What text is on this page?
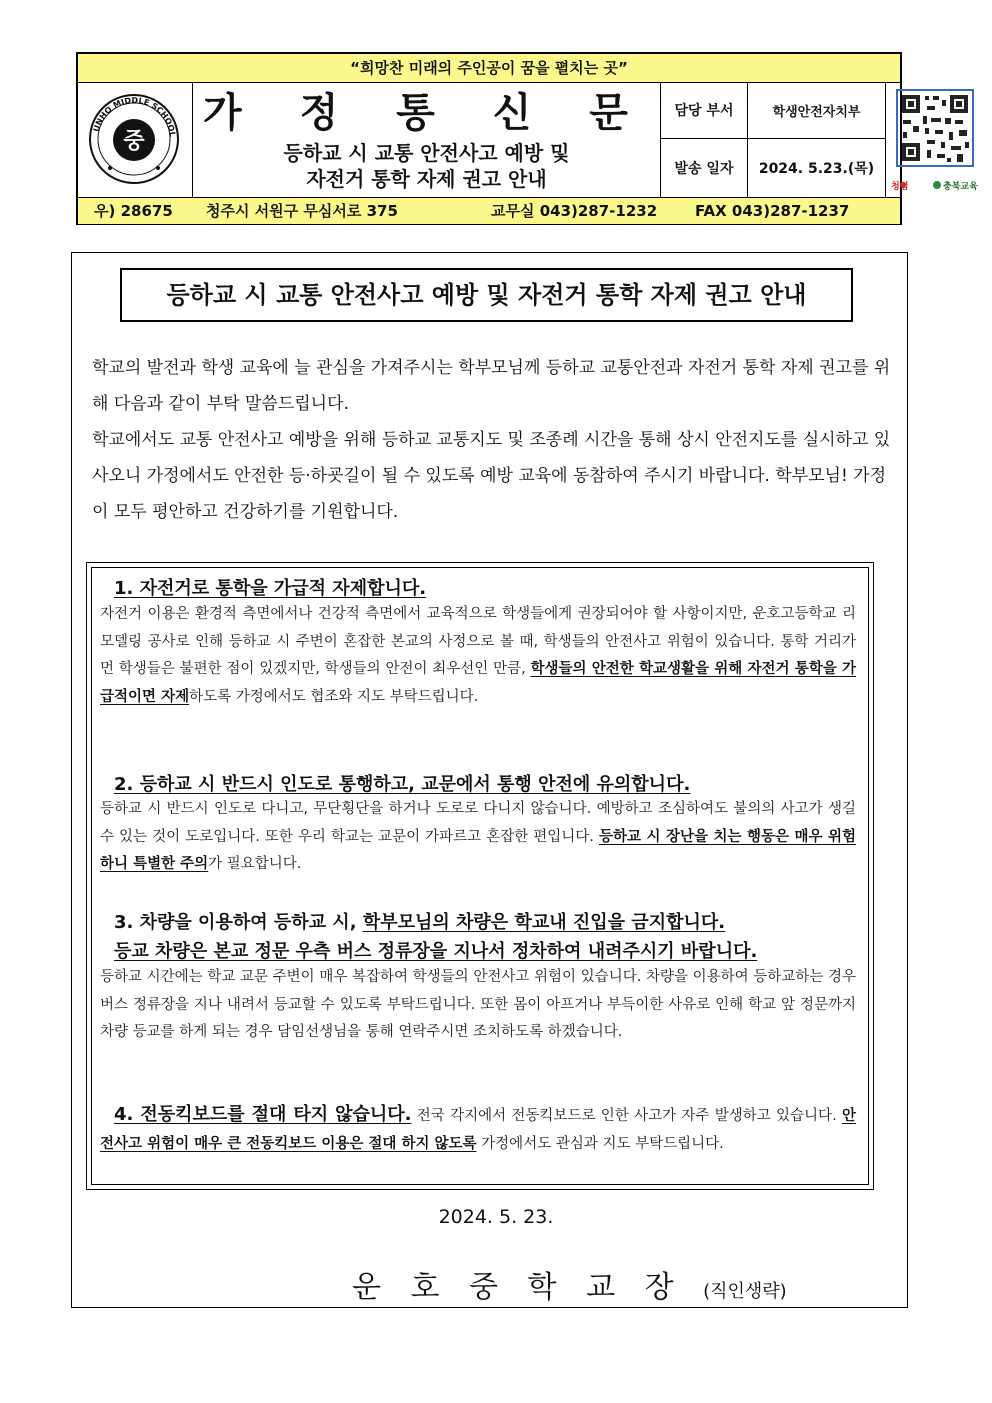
“희망찬 미래의 주인공이 꿈을 펼치는 곳”
UNHO MIDDLE SCHOOL
중
가 정 통 신 문
등하교 시 교통 안전사고 예방 및
자전거 통학 자제 권고 안내
담당 부서	학생안전자치부
발송 일자	2024. 5.23.(목)
청렴	충북교육
우) 28675 청주시 서원구 무심서로 375	교무실 043)287-1232	FAX 043)287-1237
등하교 시 교통 안전사고 예방 및 자전거 통학 자제 권고 안내

학교의 발전과 학생 교육에 늘 관심을 가져주시는 학부모님께 등하교 교통안전과 자전거 통학 자제 권고를 위해 다음과 같이 부탁 말씀드립니다.

학교에서도 교통 안전사고 예방을 위해 등하교 교통지도 및 조종례 시간을 통해 상시 안전지도를 실시하고 있사오니 가정에서도 안전한 등·하굣길이 될 수 있도록 예방 교육에 동참하여 주시기 바랍니다. 학부모님! 가정이 모두 평안하고 건강하기를 기원합니다.

1. 자전거로 통학을 가급적 자제합니다.
자전거 이용은 환경적 측면에서나 건강적 측면에서 교육적으로 학생들에게 권장되어야 할 사항이지만, 운호고등학교 리모델링 공사로 인해 등하교 시 주변이 혼잡한 본교의 사정으로 볼 때, 학생들의 안전사고 위험이 있습니다. 통학 거리가 먼 학생들은 불편한 점이 있겠지만, 학생들의 안전이 최우선인 만큼, 학생들의 안전한 학교생활을 위해 자전거 통학을 가급적이면 자제하도록 가정에서도 협조와 지도 부탁드립니다.
2. 등하교 시 반드시 인도로 통행하고, 교문에서 통행 안전에 유의합니다.
등하교 시 반드시 인도로 다니고, 무단횡단을 하거나 도로로 다니지 않습니다. 예방하고 조심하여도 불의의 사고가 생길 수 있는 것이 도로입니다. 또한 우리 학교는 교문이 가파르고 혼잡한 편입니다. 등하교 시 장난을 치는 행동은 매우 위험하니 특별한 주의가 필요합니다.
3. 차량을 이용하여 등하교 시, 학부모님의 차량은 학교내 진입을 금지합니다.
등교 차량은 본교 정문 우측 버스 정류장을 지나서 정차하여 내려주시기 바랍니다.
등하교 시간에는 학교 교문 주변이 매우 복잡하여 학생들의 안전사고 위험이 있습니다. 차량을 이용하여 등하교하는 경우 버스 정류장을 지나 내려서 등교할 수 있도록 부탁드립니다. 또한 몸이 아프거나 부득이한 사유로 인해 학교 앞 정문까지 차량 등교를 하게 되는 경우 담임선생님을 통해 연락주시면 조치하도록 하겠습니다.
4. 전동킥보드를 절대 타지 않습니다. 전국 각지에서 전동킥보드로 인한 사고가 자주 발생하고 있습니다. 안전사고 위험이 매우 큰 전동킥보드 이용은 절대 하지 않도록 가정에서도 관심과 지도 부탁드립니다.
2024. 5. 23.
운 호 중 학 교 장 (직인생략)
